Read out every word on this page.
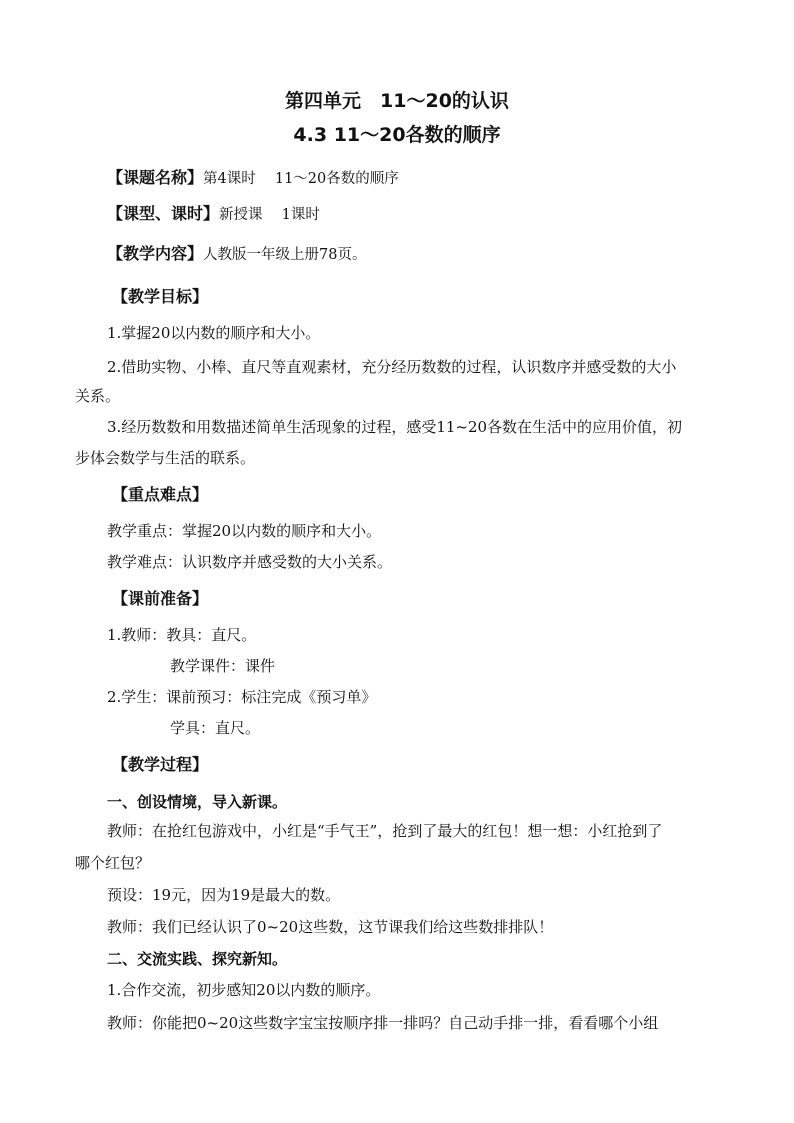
第四单元　11～20的认识
4.3 11～20各数的顺序
【课题名称】第4课时　 11～20各数的顺序
【课型、课时】新授课 　1课时
【教学内容】人教版一年级上册78页。
【教学目标】
1.掌握20以内数的顺序和大小。
2.借助实物、小棒、直尺等直观素材，充分经历数数的过程，认识数序并感受数的大小
关系。
3.经历数数和用数描述简单生活现象的过程，感受11~20各数在生活中的应用价值，初
步体会数学与生活的联系。
【重点难点】
教学重点：掌握20以内数的顺序和大小。
教学难点：认识数序并感受数的大小关系。
【课前准备】
1.教师：教具：直尺。
教学课件：课件
2.学生：课前预习：标注完成《预习单》
学具：直尺。
【教学过程】
一、创设情境，导入新课。
教师：在抢红包游戏中，小红是“手气王”，抢到了最大的红包！想一想：小红抢到了
哪个红包？
预设：19元，因为19是最大的数。
教师：我们已经认识了0~20这些数，这节课我们给这些数排排队！
二、交流实践、探究新知。
1.合作交流，初步感知20以内数的顺序。
教师：你能把0~20这些数字宝宝按顺序排一排吗？自己动手排一排，看看哪个小组
